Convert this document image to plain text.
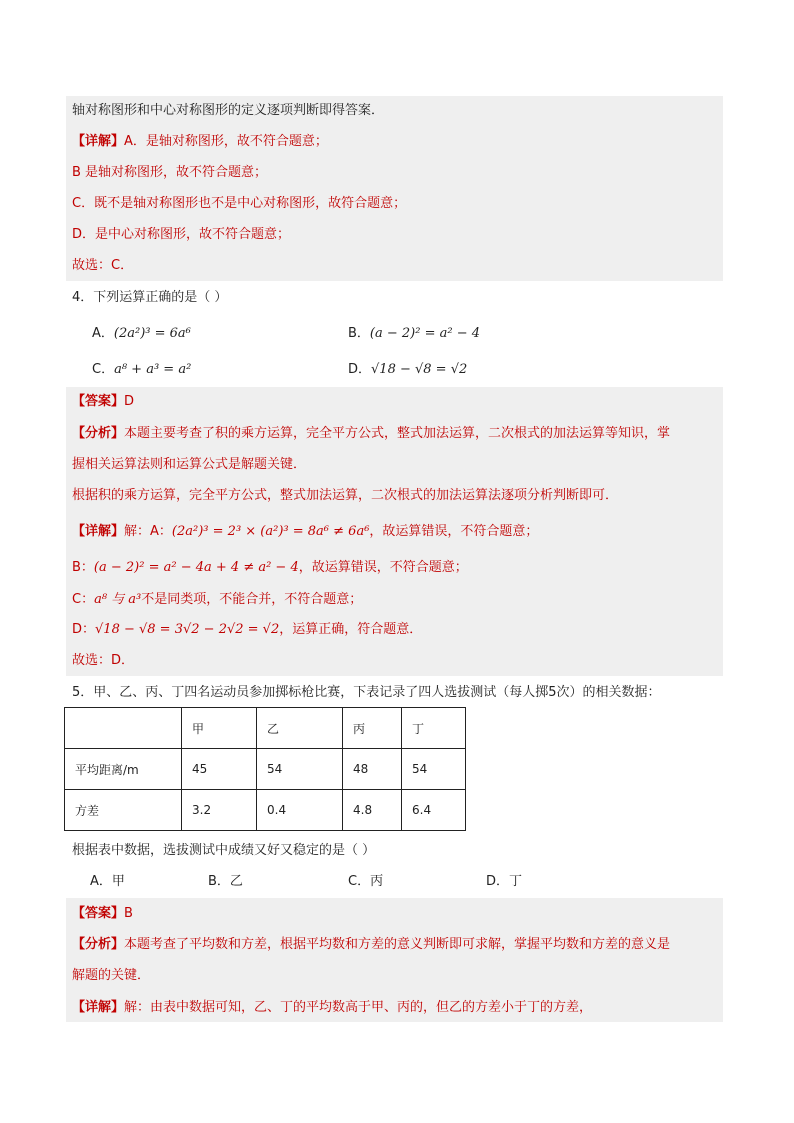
轴对称图形和中心对称图形的定义逐项判断即得答案．
【详解】A．是轴对称图形，故不符合题意；
B 是轴对称图形，故不符合题意；
C．既不是轴对称图形也不是中心对称图形，故符合题意；
D．是中心对称图形，故不符合题意；
故选：C．
4．下列运算正确的是（ ）
A．(2a²)³ = 6a⁶	B．(a − 2)² = a² − 4
C．a⁸ + a³ = a²	D．√18 − √8 = √2
【答案】D
【分析】本题主要考查了积的乘方运算，完全平方公式，整式加法运算，二次根式的加法运算等知识，掌
握相关运算法则和运算公式是解题关键．
根据积的乘方运算，完全平方公式，整式加法运算，二次根式的加法运算法逐项分析判断即可．
【详解】解：A：(2a²)³ = 2³ × (a²)³ = 8a⁶ ≠ 6a⁶，故运算错误，不符合题意；
B：(a − 2)² = a² − 4a + 4 ≠ a² − 4，故运算错误，不符合题意；
C：a⁸ 与 a³不是同类项，不能合并，不符合题意；
D：√18 − √8 = 3√2 − 2√2 = √2，运算正确，符合题意．
故选：D．
5．甲、乙、丙、丁四名运动员参加掷标枪比赛，下表记录了四人选拔测试（每人掷5次）的相关数据：
	甲	乙	丙	丁
平均距离/m	45	54	48	54
方差	3.2	0.4	4.8	6.4
根据表中数据，选拔测试中成绩又好又稳定的是（ ）
A．甲	B．乙	C．丙	D．丁
【答案】B
【分析】本题考查了平均数和方差，根据平均数和方差的意义判断即可求解，掌握平均数和方差的意义是
解题的关键．
【详解】解：由表中数据可知，乙、丁的平均数高于甲、丙的，但乙的方差小于丁的方差，
